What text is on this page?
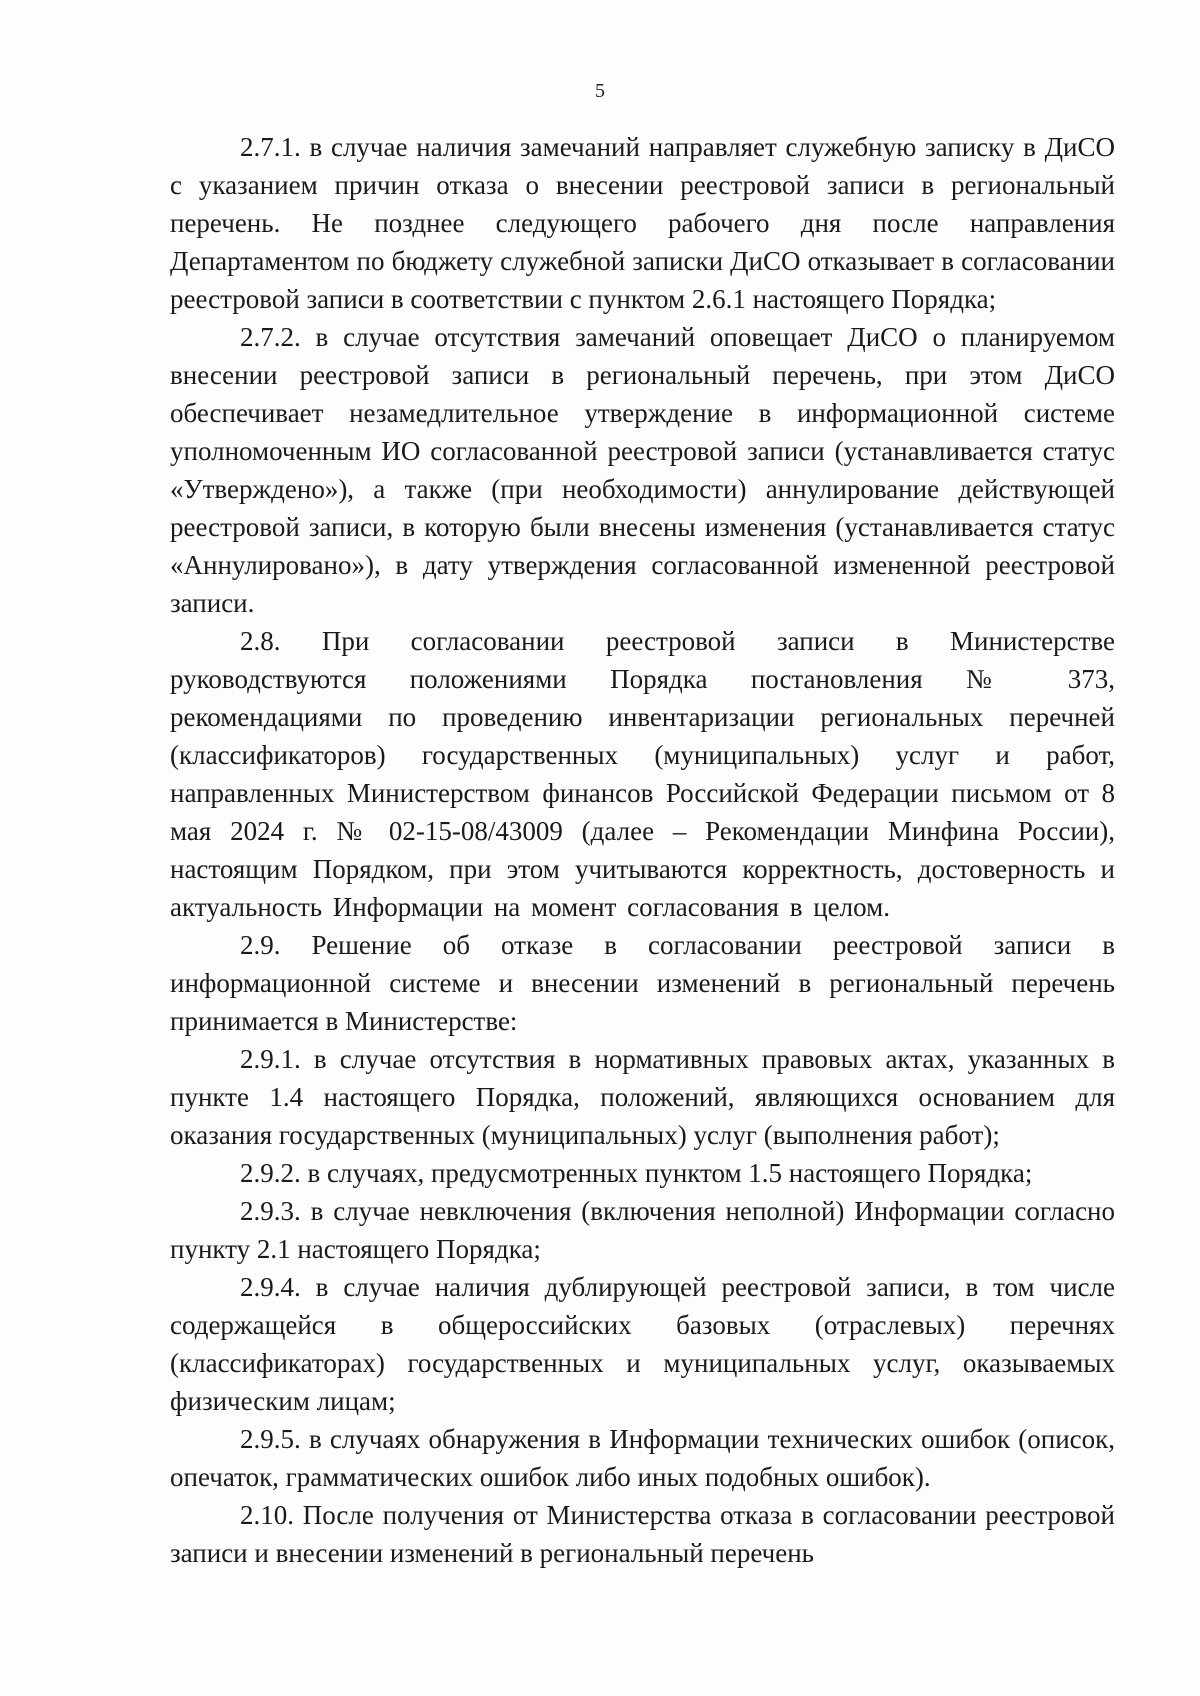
5

2.7.1. в случае наличия замечаний направляет служебную записку в ДиСО с указанием причин отказа о внесении реестровой записи в региональный перечень. Не позднее следующего рабочего дня после направления Департаментом по бюджету служебной записки ДиСО отказывает в согласовании реестровой записи в соответствии с пунктом 2.6.1 настоящего Порядка;

2.7.2. в случае отсутствия замечаний оповещает ДиСО о планируемом внесении реестровой записи в региональный перечень, при этом ДиСО обеспечивает незамедлительное утверждение в информационной системе уполномоченным ИО согласованной реестровой записи (устанавливается статус «Утверждено»), а также (при необходимости) аннулирование действующей реестровой записи, в которую были внесены изменения (устанавливается статус «Аннулировано»), в дату утверждения согласованной измененной реестровой записи.

2.8. При согласовании реестровой записи в Министерстве руководствуются положениями Порядка постановления № 373, рекомендациями по проведению инвентаризации региональных перечней (классификаторов) государственных (муниципальных) услуг и работ, направленных Министерством финансов Российской Федерации письмом от 8 мая 2024 г. № 02-15-08/43009 (далее – Рекомендации Минфина России), настоящим Порядком, при этом учитываются корректность, достоверность и актуальность Информации на момент согласования в целом.

2.9. Решение об отказе в согласовании реестровой записи в информационной системе и внесении изменений в региональный перечень принимается в Министерстве:

2.9.1. в случае отсутствия в нормативных правовых актах, указанных в пункте 1.4 настоящего Порядка, положений, являющихся основанием для оказания государственных (муниципальных) услуг (выполнения работ);

2.9.2. в случаях, предусмотренных пунктом 1.5 настоящего Порядка;

2.9.3. в случае невключения (включения неполной) Информации согласно пункту 2.1 настоящего Порядка;

2.9.4. в случае наличия дублирующей реестровой записи, в том числе содержащейся в общероссийских базовых (отраслевых) перечнях (классификаторах) государственных и муниципальных услуг, оказываемых физическим лицам;

2.9.5. в случаях обнаружения в Информации технических ошибок (описок, опечаток, грамматических ошибок либо иных подобных ошибок).

2.10. После получения от Министерства отказа в согласовании реестровой записи и внесении изменений в региональный перечень
